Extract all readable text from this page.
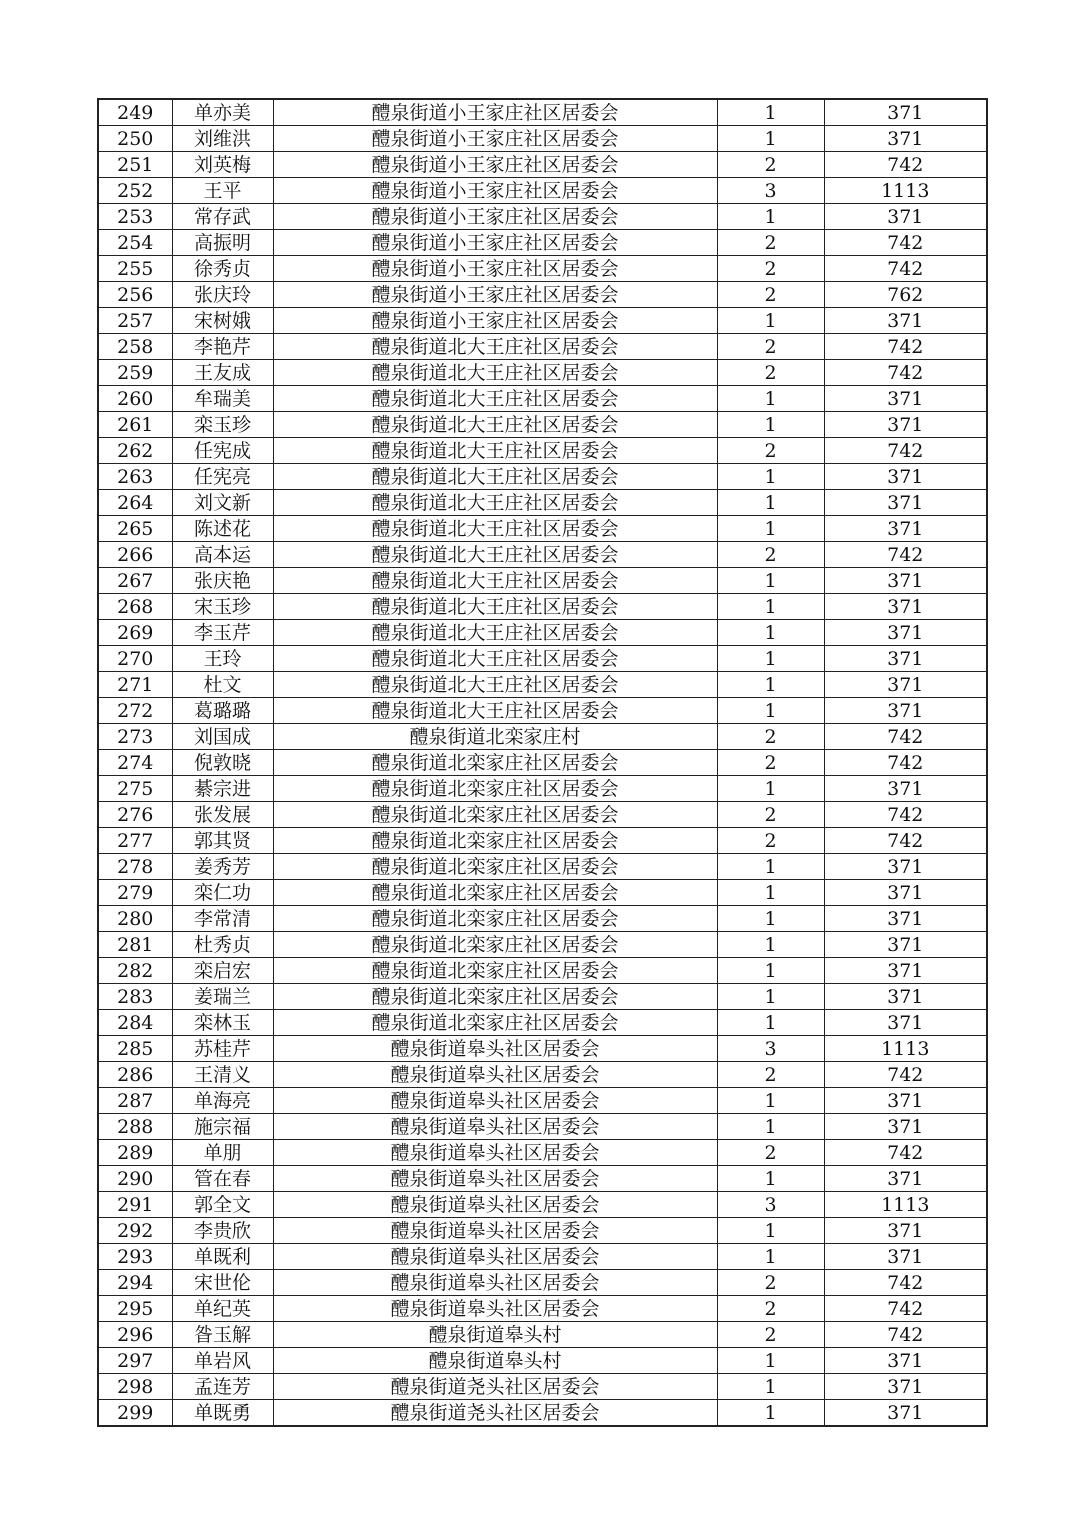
249	单亦美	醴泉街道小王家庄社区居委会	1	371
250	刘维洪	醴泉街道小王家庄社区居委会	1	371
251	刘英梅	醴泉街道小王家庄社区居委会	2	742
252	王平	醴泉街道小王家庄社区居委会	3	1113
253	常存武	醴泉街道小王家庄社区居委会	1	371
254	高振明	醴泉街道小王家庄社区居委会	2	742
255	徐秀贞	醴泉街道小王家庄社区居委会	2	742
256	张庆玲	醴泉街道小王家庄社区居委会	2	762
257	宋树娥	醴泉街道小王家庄社区居委会	1	371
258	李艳芹	醴泉街道北大王庄社区居委会	2	742
259	王友成	醴泉街道北大王庄社区居委会	2	742
260	牟瑞美	醴泉街道北大王庄社区居委会	1	371
261	栾玉珍	醴泉街道北大王庄社区居委会	1	371
262	任宪成	醴泉街道北大王庄社区居委会	2	742
263	任宪亮	醴泉街道北大王庄社区居委会	1	371
264	刘文新	醴泉街道北大王庄社区居委会	1	371
265	陈述花	醴泉街道北大王庄社区居委会	1	371
266	高本运	醴泉街道北大王庄社区居委会	2	742
267	张庆艳	醴泉街道北大王庄社区居委会	1	371
268	宋玉珍	醴泉街道北大王庄社区居委会	1	371
269	李玉芹	醴泉街道北大王庄社区居委会	1	371
270	王玲	醴泉街道北大王庄社区居委会	1	371
271	杜文	醴泉街道北大王庄社区居委会	1	371
272	葛璐璐	醴泉街道北大王庄社区居委会	1	371
273	刘国成	醴泉街道北栾家庄村	2	742
274	倪敦晓	醴泉街道北栾家庄社区居委会	2	742
275	綦宗进	醴泉街道北栾家庄社区居委会	1	371
276	张发展	醴泉街道北栾家庄社区居委会	2	742
277	郭其贤	醴泉街道北栾家庄社区居委会	2	742
278	姜秀芳	醴泉街道北栾家庄社区居委会	1	371
279	栾仁功	醴泉街道北栾家庄社区居委会	1	371
280	李常清	醴泉街道北栾家庄社区居委会	1	371
281	杜秀贞	醴泉街道北栾家庄社区居委会	1	371
282	栾启宏	醴泉街道北栾家庄社区居委会	1	371
283	姜瑞兰	醴泉街道北栾家庄社区居委会	1	371
284	栾林玉	醴泉街道北栾家庄社区居委会	1	371
285	苏桂芹	醴泉街道皋头社区居委会	3	1113
286	王清义	醴泉街道皋头社区居委会	2	742
287	单海亮	醴泉街道皋头社区居委会	1	371
288	施宗福	醴泉街道皋头社区居委会	1	371
289	单朋	醴泉街道皋头社区居委会	2	742
290	管在春	醴泉街道皋头社区居委会	1	371
291	郭全文	醴泉街道皋头社区居委会	3	1113
292	李贵欣	醴泉街道皋头社区居委会	1	371
293	单既利	醴泉街道皋头社区居委会	1	371
294	宋世伦	醴泉街道皋头社区居委会	2	742
295	单纪英	醴泉街道皋头社区居委会	2	742
296	昝玉解	醴泉街道皋头村	2	742
297	单岩风	醴泉街道皋头村	1	371
298	孟连芳	醴泉街道尧头社区居委会	1	371
299	单既勇	醴泉街道尧头社区居委会	1	371
